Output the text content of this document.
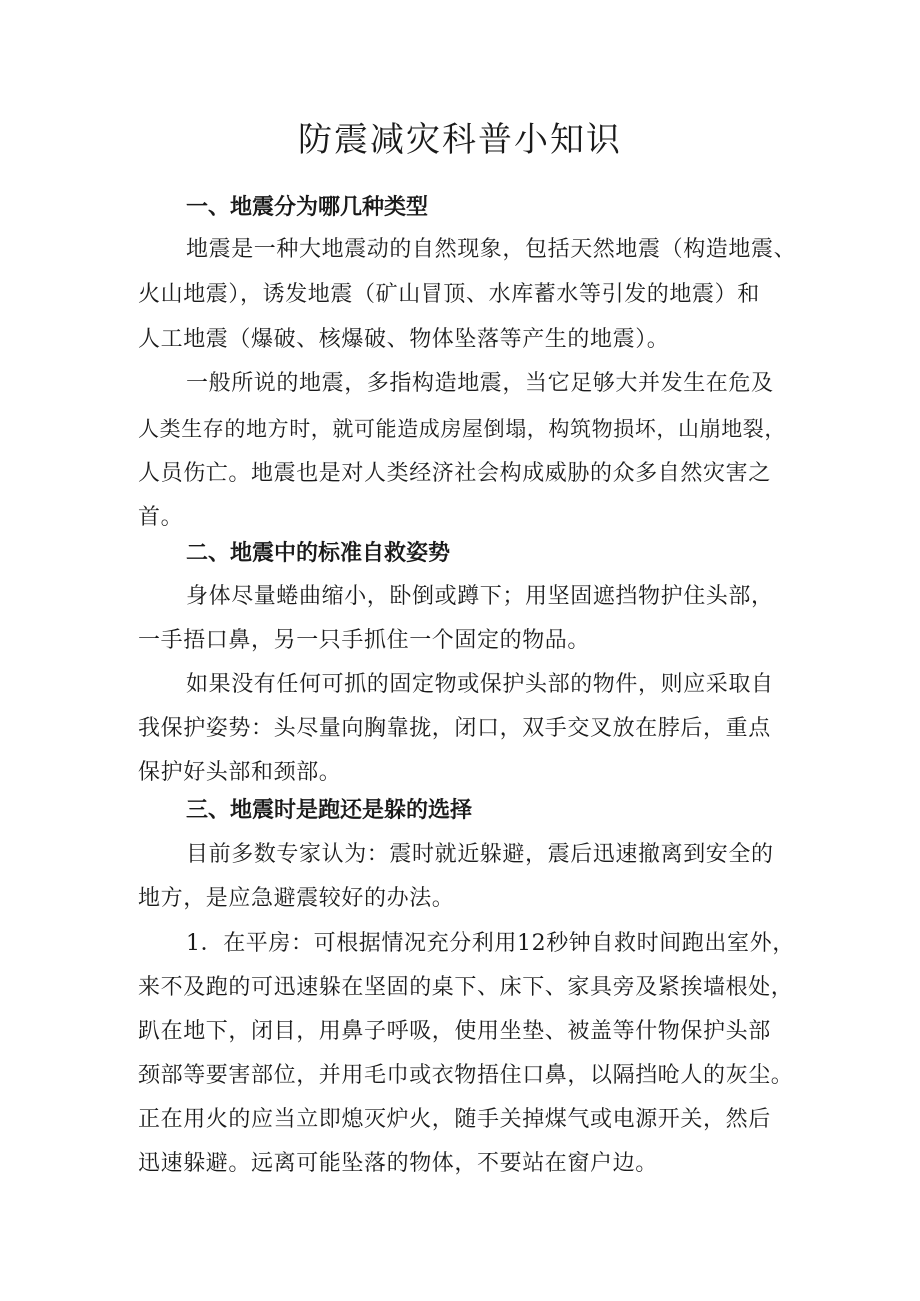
防震减灾科普小知识
一、地震分为哪几种类型
地震是一种大地震动的自然现象，包括天然地震（构造地震、
火山地震），诱发地震（矿山冒顶、水库蓄水等引发的地震）和
人工地震（爆破、核爆破、物体坠落等产生的地震）。
一般所说的地震，多指构造地震，当它足够大并发生在危及
人类生存的地方时，就可能造成房屋倒塌，构筑物损坏，山崩地裂，
人员伤亡。地震也是对人类经济社会构成威胁的众多自然灾害之
首。
二、地震中的标准自救姿势
身体尽量蜷曲缩小，卧倒或蹲下；用坚固遮挡物护住头部，
一手捂口鼻，另一只手抓住一个固定的物品。
如果没有任何可抓的固定物或保护头部的物件，则应采取自
我保护姿势：头尽量向胸靠拢，闭口，双手交叉放在脖后，重点
保护好头部和颈部。
三、地震时是跑还是躲的选择
目前多数专家认为：震时就近躲避，震后迅速撤离到安全的
地方，是应急避震较好的办法。
1．在平房：可根据情况充分利用12秒钟自救时间跑出室外，
来不及跑的可迅速躲在坚固的桌下、床下、家具旁及紧挨墙根处，
趴在地下，闭目，用鼻子呼吸，使用坐垫、被盖等什物保护头部
颈部等要害部位，并用毛巾或衣物捂住口鼻，以隔挡呛人的灰尘。
正在用火的应当立即熄灭炉火，随手关掉煤气或电源开关，然后
迅速躲避。远离可能坠落的物体，不要站在窗户边。
